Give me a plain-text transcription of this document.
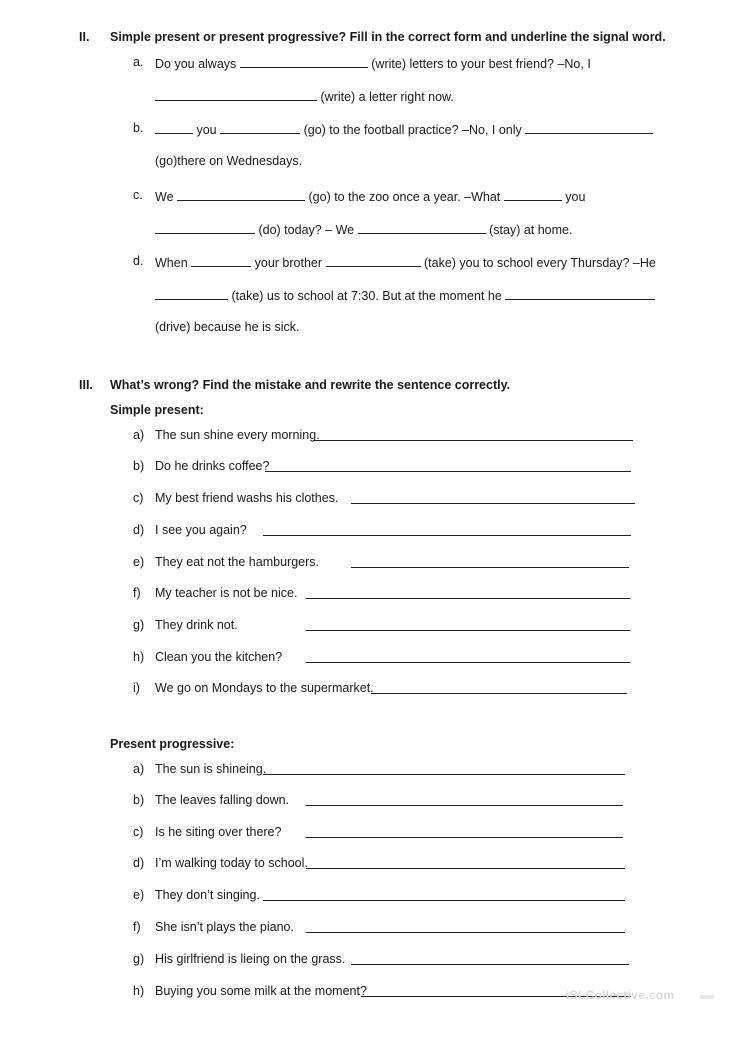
II. Simple present or present progressive? Fill in the correct form and underline the signal word.
a. Do you always	(write) letters to your best friend? –No, I
(write) a letter right now.
b.	you	(go) to the football practice? –No, I only
(go)there on Wednesdays.
c. We	(go) to the zoo once a year. –What	you
(do) today? – We	(stay) at home.
d. When	your brother	(take) you to school every Thursday? –He
(take) us to school at 7:30. But at the moment he
(drive) because he is sick.
III. What’s wrong? Find the mistake and rewrite the sentence correctly.
Simple present:
a) The sun shine every morning.
b) Do he drinks coffee?
c) My best friend washs his clothes.
d) I see you again?
e) They eat not the hamburgers.
f) My teacher is not be nice.
g) They drink not.
h) Clean you the kitchen?
i) We go on Mondays to the supermarket.
Present progressive:
a) The sun is shineing.
b) The leaves falling down.
c) Is he siting over there?
d) I’m walking today to school.
e) They don’t singing.
f) She isn’t plays the piano.
g) His girlfriend is lieing on the grass.
h) Buying you some milk at the moment?	iSLCollective.com
